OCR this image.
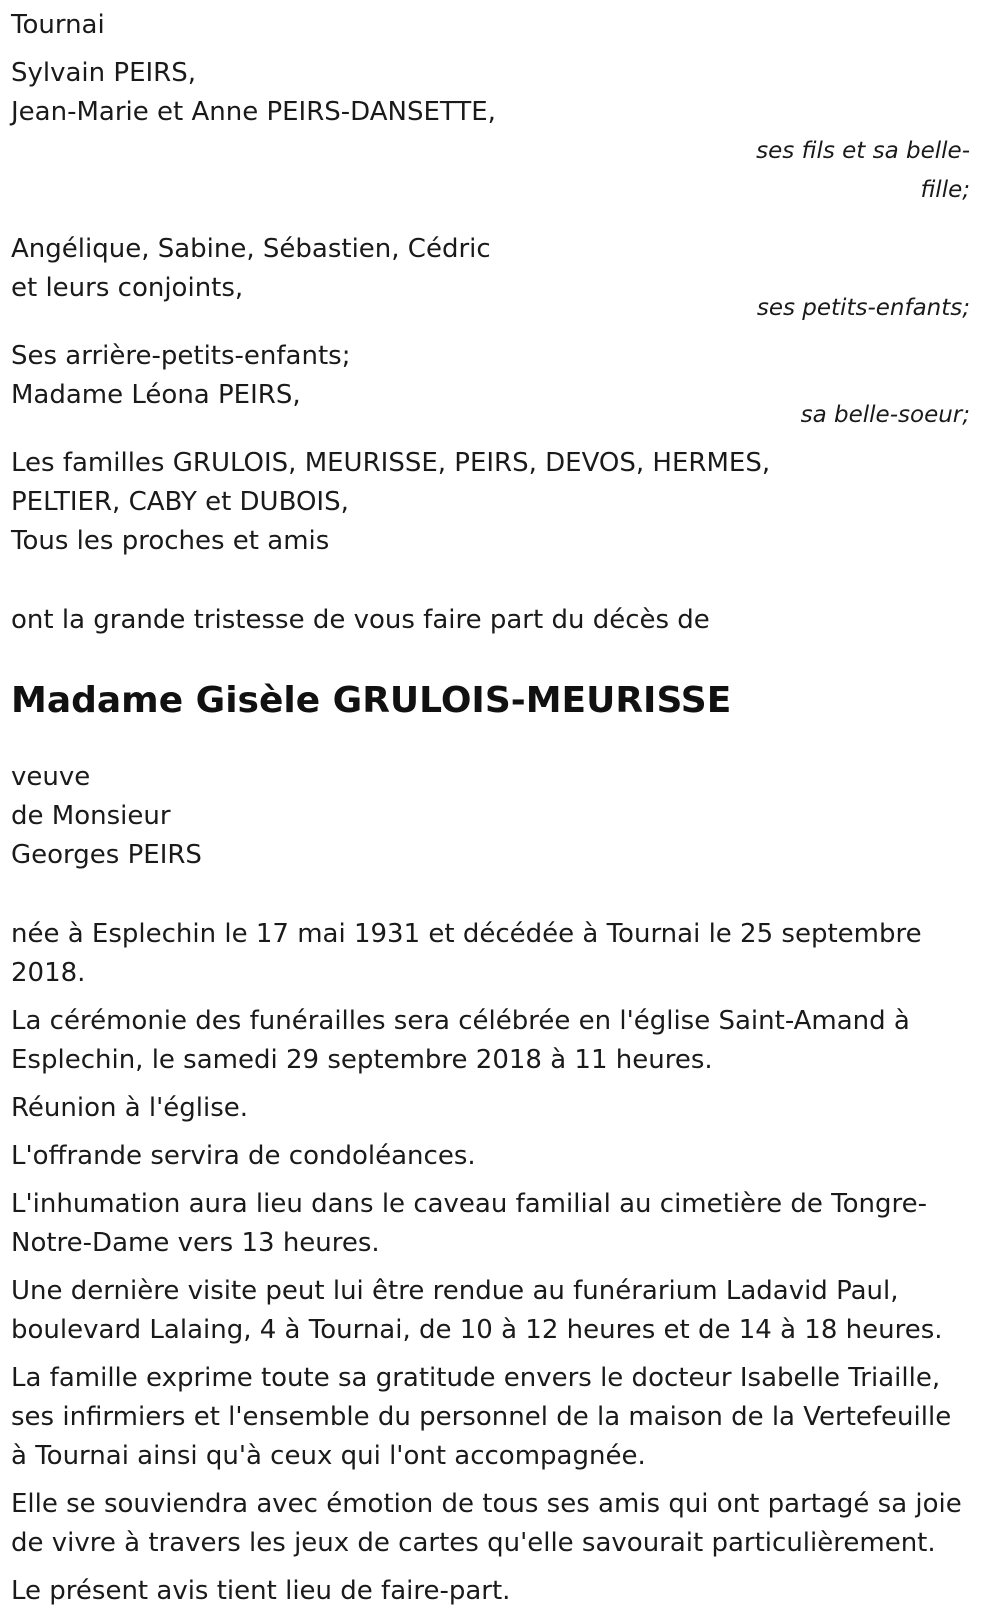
Tournai
Sylvain PEIRS,
Jean-Marie et Anne PEIRS-DANSETTE,
ses fils et sa belle-fille;
Angélique, Sabine, Sébastien, Cédric
et leurs conjoints,
ses petits-enfants;
Ses arrière-petits-enfants;
Madame Léona PEIRS,
sa belle-soeur;
Les familles GRULOIS, MEURISSE, PEIRS, DEVOS, HERMES,
PELTIER, CABY et DUBOIS,
Tous les proches et amis
ont la grande tristesse de vous faire part du décès de
Madame Gisèle GRULOIS-MEURISSE
veuve
de Monsieur
Georges PEIRS

née à Esplechin le 17 mai 1931 et décédée à Tournai le 25 septembre 2018.

La cérémonie des funérailles sera célébrée en l'église Saint-Amand à Esplechin, le samedi 29 septembre 2018 à 11 heures.

Réunion à l'église.

L'offrande servira de condoléances.

L'inhumation aura lieu dans le caveau familial au cimetière de Tongre-Notre-Dame vers 13 heures.

Une dernière visite peut lui être rendue au funérarium Ladavid Paul, boulevard Lalaing, 4 à Tournai, de 10 à 12 heures et de 14 à 18 heures.

La famille exprime toute sa gratitude envers le docteur Isabelle Triaille, ses infirmiers et l'ensemble du personnel de la maison de la Vertefeuille à Tournai ainsi qu'à ceux qui l'ont accompagnée.

Elle se souviendra avec émotion de tous ses amis qui ont partagé sa joie de vivre à travers les jeux de cartes qu'elle savourait particulièrement.

Le présent avis tient lieu de faire-part.
